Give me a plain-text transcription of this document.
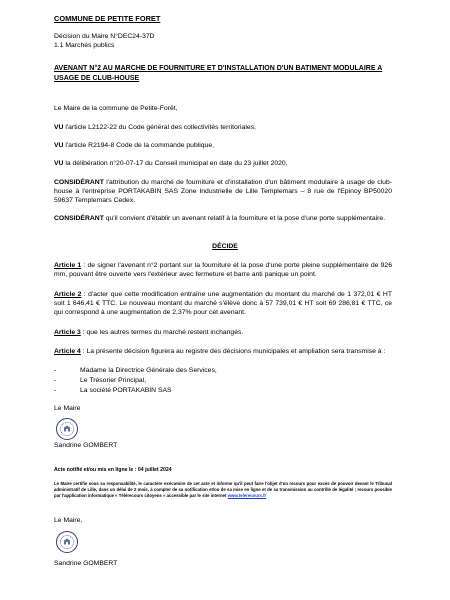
COMMUNE DE PETITE FORET
Décision du Maire N°DEC24-37D
1.1 Marchés publics
AVENANT N°2 AU MARCHE DE FOURNITURE ET D'INSTALLATION D'UN BATIMENT MODULAIRE A USAGE DE CLUB-HOUSE
Le Maire de la commune de Petite-Forêt,
VU l'article L2122-22 du Code général des collectivités territoriales,
VU l'article R2194-8 Code de la commande publique,
VU la délibération n°20-07-17 du Conseil municipal en date du 23 juillet 2020,
CONSIDÉRANT l'attribution du marché de fourniture et d'installation d'un bâtiment modulaire à usage de club-house à l'entreprise PORTAKABIN SAS Zone Industrielle de Lille Templemars – 8 rue de l'Epinoy BP50020 59637 Templemars Cedex.
CONSIDÉRANT qu'il convient d'établir un avenant relatif à la fourniture et la pose d'une porte supplémentaire.
DÉCIDE
Article 1 : de signer l'avenant n°2 portant sur la fourniture et la pose d'une porte pleine supplémentaire de 926 mm, pouvant être ouverte vers l'extérieur avec fermeture et barre anti panique un point.
Article 2 : d'acter que cette modification entraîne une augmentation du montant du marché de 1 372,01 € HT soit 1 646,41 € TTC. Le nouveau montant du marché s'élève donc à 57 739,01 € HT soit 69 286,81 € TTC, ce qui correspond à une augmentation de 2,37% pour cet avenant.
Article 3 : que les autres termes du marché restent inchangés.
Article 4 : La présente décision figurera au registre des décisions municipales et ampliation sera transmise à :
-	Madame la Directrice Générale des Services,
-	Le Trésorier Principal,
-	La société PORTAKABIN SAS
Le Maire
Sandrine GOMBERT
Acte notifié et/ou mis en ligne le : 04 juillet 2024
Le Maire certifie sous sa responsabilité, le caractère exécutoire de cet acte et informe qu'il peut faire l'objet d'un recours pour excès de pouvoir devant le Tribunal administratif de Lille, dans un délai de 2 mois, à compter de sa notification et/ou de sa mise en ligne et de sa transmission au contrôle de légalité ; recours possible par l'application informatique « Télérecours citoyens » accessible par le site internet www.telerecours.fr
Le Maire,
Sandrine GOMBERT
